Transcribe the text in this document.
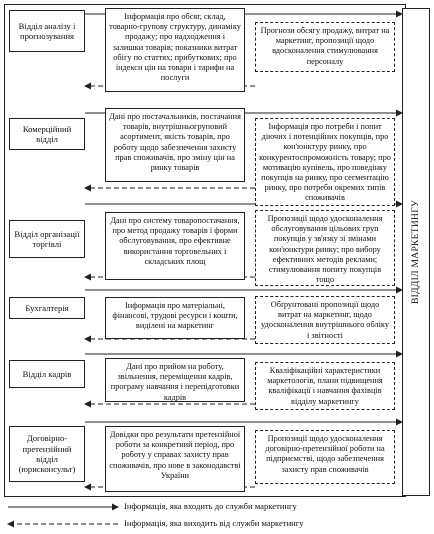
ВІДДІЛ МАРКЕТИНГУ
Відділ аналізу і прогнозування
Інформація про обсяг, склад, товарно-групову структуру, динаміку продажу; про надходження і залишки товарів; показники витрат обігу по статтях; прибуткових; про індекси цін на товари і тарифи на послуги
Прогнози обсягу продажу, витрат на маркетинг, пропозиції щодо вдосконалення стимулювання персоналу
Комерційний відділ
Дані про постачальників, постачання товарів, внутрішньогруповий асортимент, якість товарів, про роботу щодо забезпечення захисту прав споживачів, про зміну цін на ринку товарів
Інформація про потреби і попит діючих і потенційних покупців, про кон'юнктуру ринку, про конкурентоспроможність товару; про мотивацію купівель, про поведінку покупців на ринку, про сегментацію ринку, про потреби окремих типів споживачів
Відділ організації торгівлі
Дані про систему товаропостачання, про метод продажу товарів і форми обслуговування, про ефективне використання торговельних і складських площ
Пропозиції щодо удосконалення обслуговування цільових груп покупців у зв'язку зі змінами кон'юнктури ринку; про вибору ефективних методів реклами; стимулювання попиту покупців тощо
Бухгалтерія	Інформація про матеріальні, фінансові, трудові ресурси і кошти, виділені на маркетинг
Обґрунтовані пропозиції щодо витрат на маркетинг, щодо удосконалення внутрішнього обліку і звітності
Відділ кадрів
Дані про прийом на роботу, звільнення, переміщення кадрів, програму навчання і перепідготовки кадрів
Кваліфікаційні характеристики маркетологів, плани підвищення кваліфікації і навчання фахівців відділу маркетингу
Договірно-претензійний відділ (юрисконсульт)
Довідки про результати претензійної роботи за конкретний період, про роботу у справах захисту прав споживачів, про нове в законодавстві України
Пропозиції щодо удосконалення договірно-претензійної роботи на підприємстві, щодо забезпечення захисту прав споживачів
Інформація, яка входить до служби маркетингу
Інформація, яка виходить від служби маркетингу
